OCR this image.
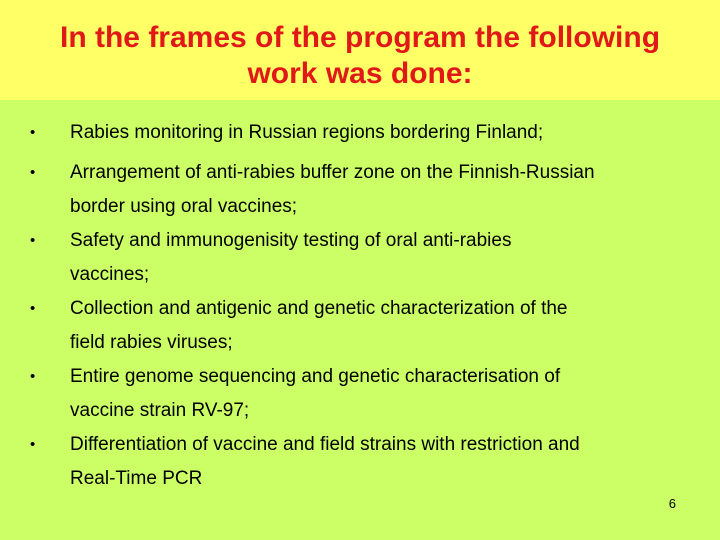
In the frames of the program the following
work was done:
• Rabies monitoring in Russian regions bordering Finland;
• Arrangement of anti-rabies buffer zone on the Finnish-Russian
border using oral vaccines;
• Safety and immunogenisity testing of oral anti-rabies
vaccines;
• Collection and antigenic and genetic characterization of the
field rabies viruses;
• Entire genome sequencing and genetic characterisation of
vaccine strain RV-97;
• Differentiation of vaccine and field strains with restriction and
Real-Time PCR
6
